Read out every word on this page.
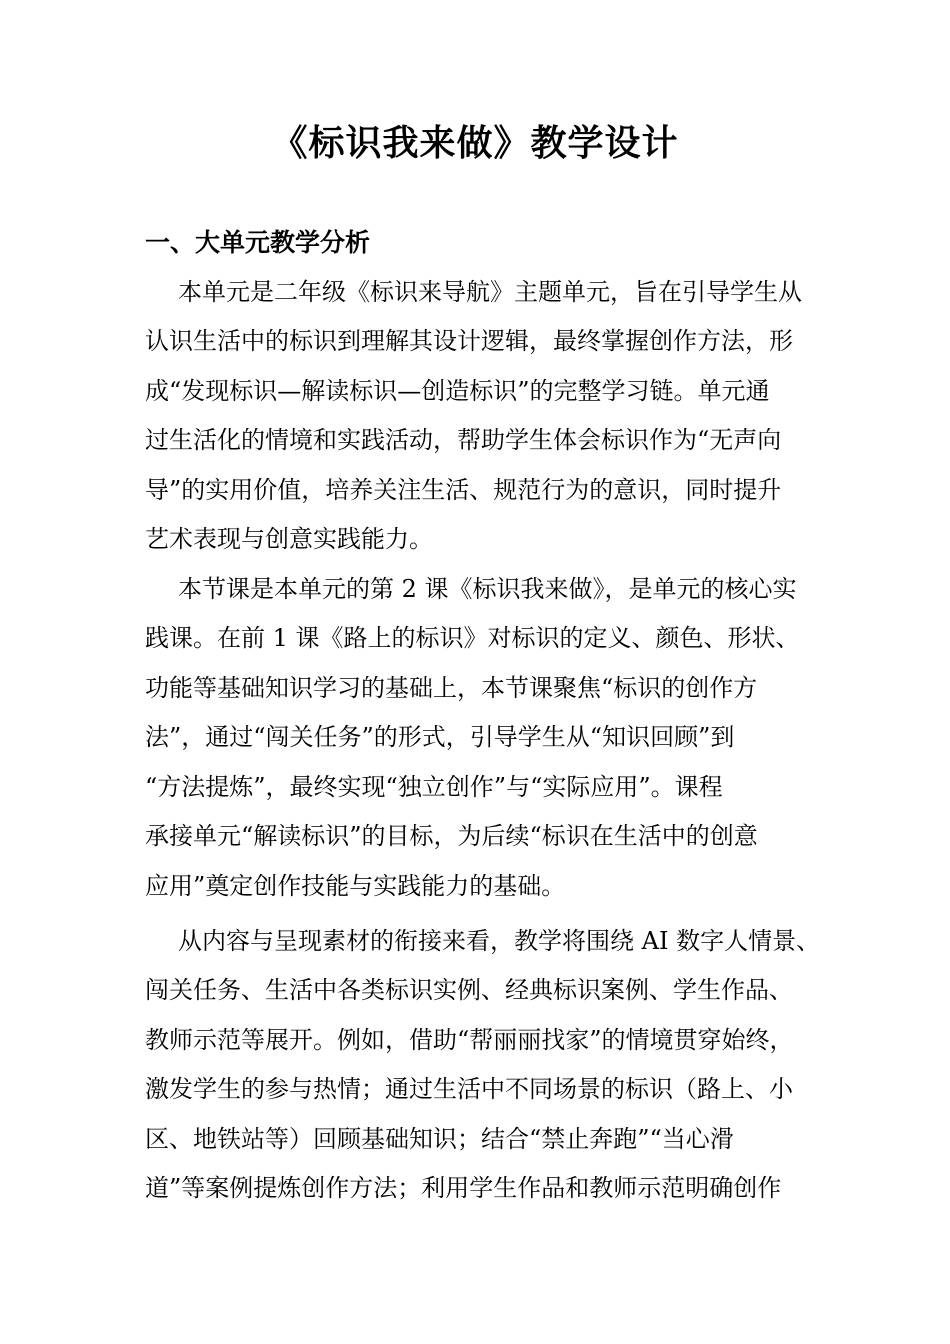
《标识我来做》教学设计
一、大单元教学分析

本单元是二年级《标识来导航》主题单元，旨在引导学生从

认识生活中的标识到理解其设计逻辑，最终掌握创作方法，形

成“发现标识—解读标识—创造标识”的完整学习链。单元通

过生活化的情境和实践活动，帮助学生体会标识作为“无声向

导”的实用价值，培养关注生活、规范行为的意识，同时提升

艺术表现与创意实践能力。

本节课是本单元的第 2 课《标识我来做》，是单元的核心实

践课。在前 1 课《路上的标识》对标识的定义、颜色、形状、

功能等基础知识学习的基础上，本节课聚焦“标识的创作方

法”，通过“闯关任务”的形式，引导学生从“知识回顾”到

“方法提炼”，最终实现“独立创作”与“实际应用”。课程

承接单元“解读标识”的目标，为后续“标识在生活中的创意

应用”奠定创作技能与实践能力的基础。

从内容与呈现素材的衔接来看，教学将围绕 AI 数字人情景、

闯关任务、生活中各类标识实例、经典标识案例、学生作品、

教师示范等展开。例如，借助“帮丽丽找家”的情境贯穿始终，

激发学生的参与热情；通过生活中不同场景的标识（路上、小

区、地铁站等）回顾基础知识；结合“禁止奔跑”“当心滑

道”等案例提炼创作方法；利用学生作品和教师示范明确创作
